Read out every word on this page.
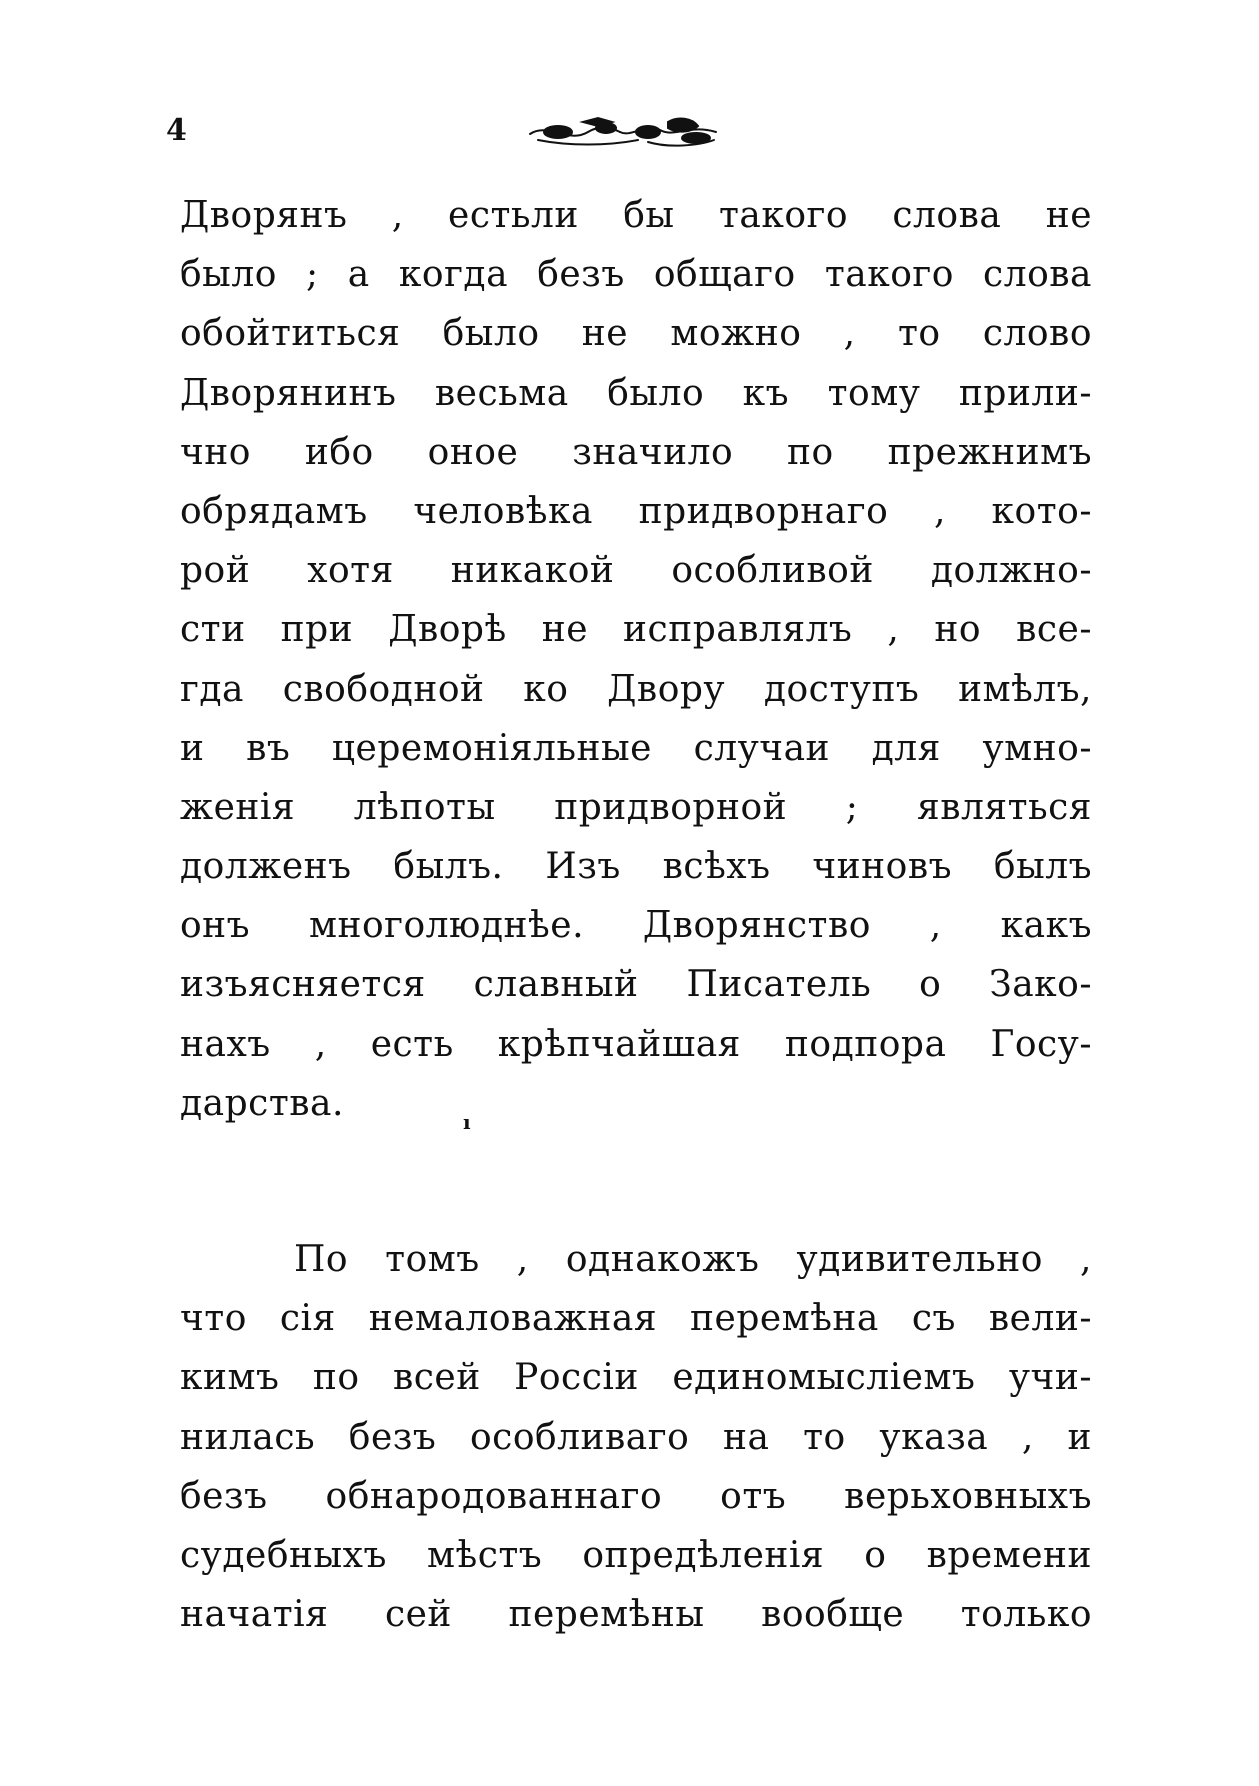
4
Дворянъ , естьли бы такого слова не
было ; а когда безъ общаго такого слова
обойтиться было не можно , то слово
Дворянинъ весьма было къ тому прили-
чно ибо оное значило по прежнимъ
обрядамъ человѣка придворнаго , кото-
рой хотя никакой особливой должно-
сти при Дворѣ не исправлялъ , но все-
гда свободной ко Двору доступъ имѣлъ,
и въ церемоніяльные случаи для умно-
женія лѣпоты придворной ; являться
долженъ былъ. Изъ всѣхъ чиновъ былъ
онъ многолюднѣе. Дворянство , какъ
изъясняется славный Писатель о Зако-
нахъ , есть крѣпчайшая подпора Госу-
дарства.	ı
По томъ , однакожъ удивительно ,
что сія немаловажная перемѣна съ вели-
кимъ по всей Россіи единомысліемъ учи-
нилась безъ особливаго на то указа , и
безъ обнародованнаго отъ верьховныхъ
судебныхъ мѣстъ опредѣленія о времени
начатія сей перемѣны вообще только
